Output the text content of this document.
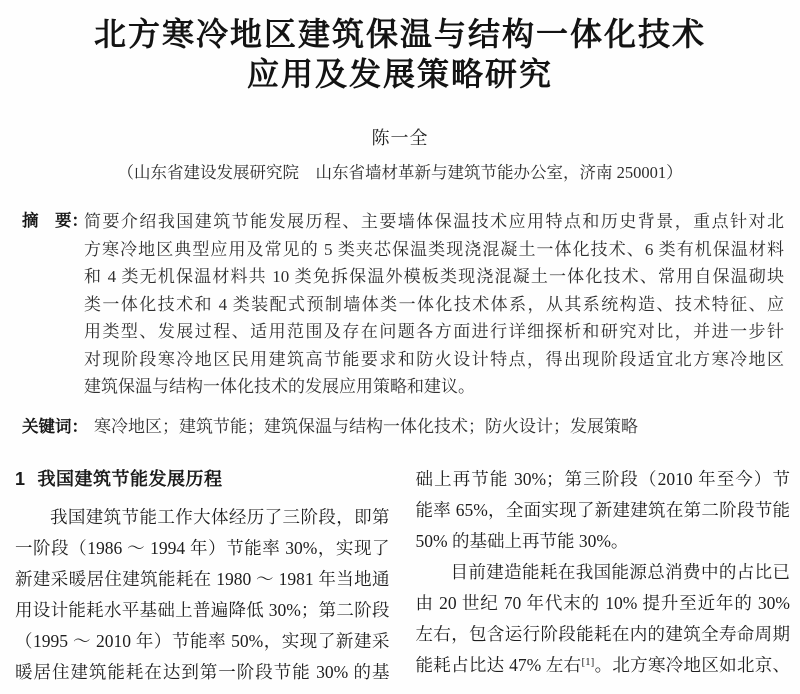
北方寒冷地区建筑保温与结构一体化技术
应用及发展策略研究
陈一全
（山东省建设发展研究院　山东省墙材革新与建筑节能办公室，济南 250001）
摘　要：
简要介绍我国建筑节能发展历程、主要墙体保温技术应用特点和历史背景，重点针对北
方寒冷地区典型应用及常见的 5 类夹芯保温类现浇混凝土一体化技术、6 类有机保温材料
和 4 类无机保温材料共 10 类免拆保温外模板类现浇混凝土一体化技术、常用自保温砌块
类一体化技术和 4 类装配式预制墙体类一体化技术体系，从其系统构造、技术特征、应
用类型、发展过程、适用范围及存在问题各方面进行详细探析和研究对比，并进一步针
对现阶段寒冷地区民用建筑高节能要求和防火设计特点，得出现阶段适宜北方寒冷地区
建筑保温与结构一体化技术的发展应用策略和建议。
关键词： 寒冷地区；建筑节能；建筑保温与结构一体化技术；防火设计；发展策略
1 我国建筑节能发展历程
我国建筑节能工作大体经历了三阶段，即第
一阶段（1986 ～ 1994 年）节能率 30%，实现了
新建采暖居住建筑能耗在 1980 ～ 1981 年当地通
用设计能耗水平基础上普遍降低 30%；第二阶段
（1995 ～ 2010 年）节能率 50%，实现了新建采
暖居住建筑能耗在达到第一阶段节能 30% 的基
础上再节能 30%；第三阶段（2010 年至今）节
能率 65%，全面实现了新建建筑在第二阶段节能
50% 的基础上再节能 30%。
目前建造能耗在我国能源总消费中的占比已
由 20 世纪 70 年代末的 10% 提升至近年的 30%
左右，包含运行阶段能耗在内的建筑全寿命周期
能耗占比达 47% 左右[1]。北方寒冷地区如北京、
